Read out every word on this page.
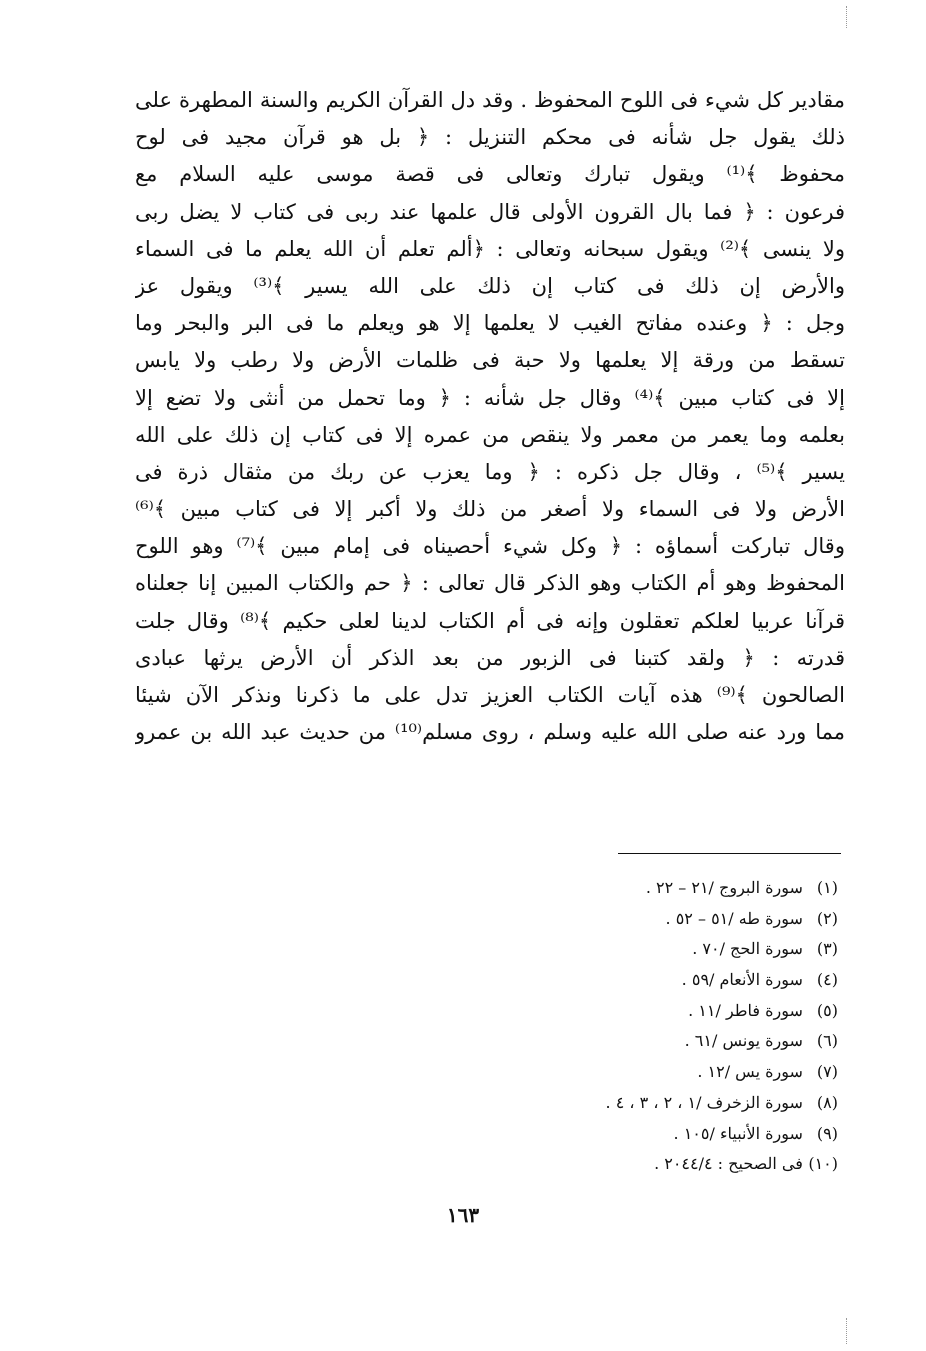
مقادير كل شيء فى اللوح المحفوظ . وقد دل القرآن الكريم والسنة المطهرة على
ذلك يقول جل شأنه فى محكم التنزيل : ﴿ بل هو قرآن مجيد فى لوح
محفوظ ﴾⁽¹⁾ ويقول تبارك وتعالى فى قصة موسى عليه السلام مع
فرعون : ﴿ فما بال القرون الأولى قال علمها عند ربى فى كتاب لا يضل ربى
ولا ينسى ﴾⁽²⁾ ويقول سبحانه وتعالى : ﴿ألم تعلم أن الله يعلم ما فى السماء
والأرض إن ذلك فى كتاب إن ذلك على الله يسير ﴾⁽³⁾ ويقول عز
وجل : ﴿ وعنده مفاتح الغيب لا يعلمها إلا هو ويعلم ما فى البر والبحر وما
تسقط من ورقة إلا يعلمها ولا حبة فى ظلمات الأرض ولا رطب ولا يابس
إلا فى كتاب مبين ﴾⁽⁴⁾ وقال جل شأنه : ﴿ وما تحمل من أنثى ولا تضع إلا
بعلمه وما يعمر من معمر ولا ينقص من عمره إلا فى كتاب إن ذلك على الله
يسير ﴾⁽⁵⁾ ، وقال جل ذكره : ﴿ وما يعزب عن ربك من مثقال ذرة فى
الأرض ولا فى السماء ولا أصغر من ذلك ولا أكبر إلا فى كتاب مبين ﴾⁽⁶⁾
وقال تباركت أسماؤه : ﴿ وكل شيء أحصيناه فى إمام مبين ﴾⁽⁷⁾ وهو اللوح
المحفوظ وهو أم الكتاب وهو الذكر قال تعالى : ﴿ حم والكتاب المبين إنا جعلناه
قرآنا عربيا لعلكم تعقلون وإنه فى أم الكتاب لدينا لعلى حكيم ﴾⁽⁸⁾ وقال جلت
قدرته : ﴿ ولقد كتبنا فى الزبور من بعد الذكر أن الأرض يرثها عبادى
الصالحون ﴾⁽⁹⁾ هذه آيات الكتاب العزيز تدل على ما ذكرنا ونذكر الآن شيئا
مما ورد عنه صلى الله عليه وسلم ، روى مسلم⁽¹⁰⁾ من حديث عبد الله بن عمرو
(١) سورة البروج /٢١ – ٢٢ .
(٢) سورة طه /٥١ – ٥٢ .
(٣) سورة الحج /٧٠ .
(٤) سورة الأنعام /٥٩ .
(٥) سورة فاطر /١١ .
(٦) سورة يونس /٦١ .
(٧) سورة يس /١٢ .
(٨) سورة الزخرف /١ ، ٢ ، ٣ ، ٤ .
(٩) سورة الأنبياء /١٠٥ .
(١٠) فى الصحيح : ٢٠٤٤/٤ .
١٦٣
